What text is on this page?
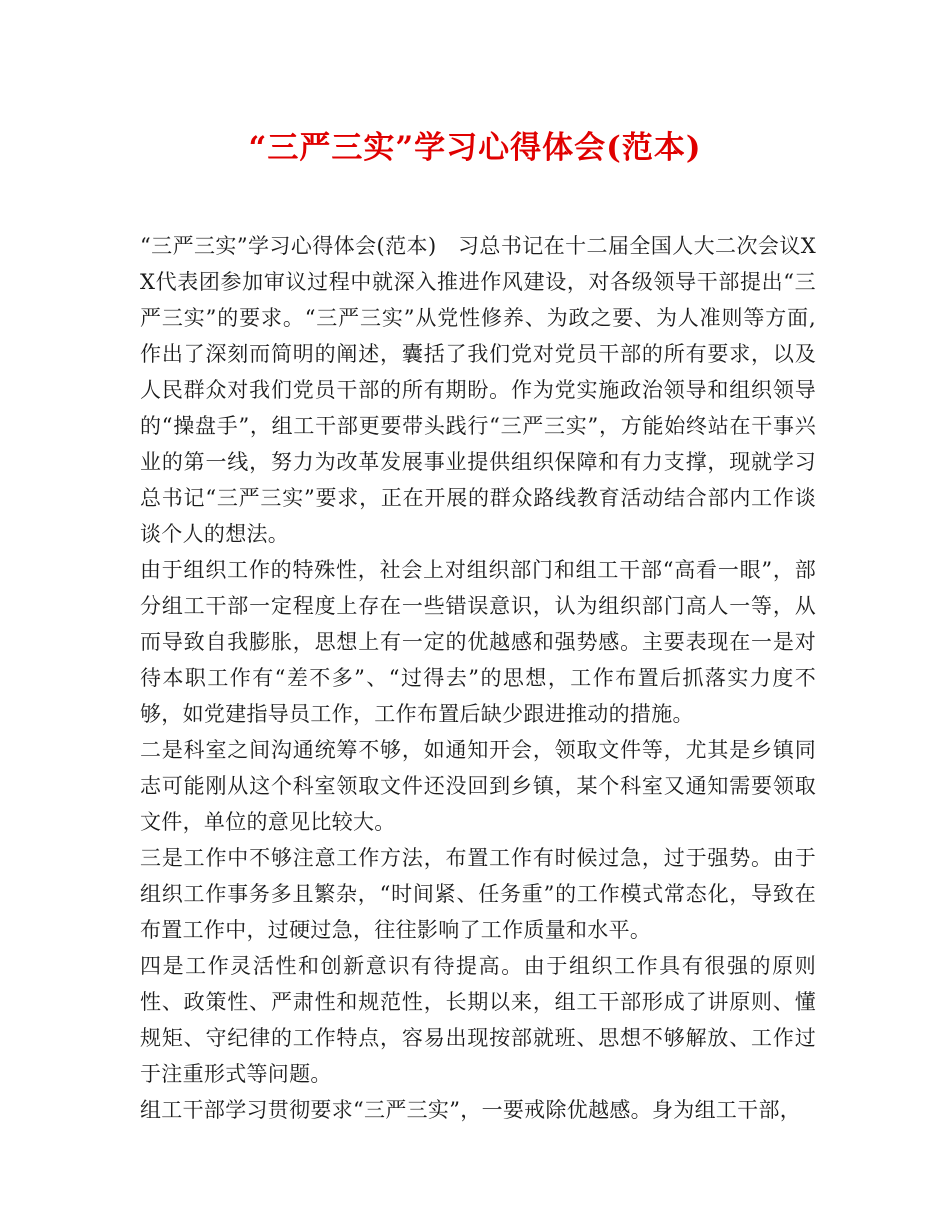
“三严三实”学习心得体会(范本)

“三严三实”学习心得体会(范本)　习总书记在十二届全国人大二次会议XX代表团参加审议过程中就深入推进作风建设，对各级领导干部提出“三严三实”的要求。“三严三实”从党性修养、为政之要、为人准则等方面,作出了深刻而简明的阐述，囊括了我们党对党员干部的所有要求，以及人民群众对我们党员干部的所有期盼。作为党实施政治领导和组织领导的“操盘手”，组工干部更要带头践行“三严三实”，方能始终站在干事兴业的第一线，努力为改革发展事业提供组织保障和有力支撑，现就学习总书记“三严三实”要求，正在开展的群众路线教育活动结合部内工作谈谈个人的想法。

由于组织工作的特殊性，社会上对组织部门和组工干部“高看一眼”，部分组工干部一定程度上存在一些错误意识，认为组织部门高人一等，从而导致自我膨胀，思想上有一定的优越感和强势感。主要表现在一是对待本职工作有“差不多”、“过得去”的思想，工作布置后抓落实力度不够，如党建指导员工作，工作布置后缺少跟进推动的措施。

二是科室之间沟通统筹不够，如通知开会，领取文件等，尤其是乡镇同志可能刚从这个科室领取文件还没回到乡镇，某个科室又通知需要领取文件，单位的意见比较大。

三是工作中不够注意工作方法，布置工作有时候过急，过于强势。由于组织工作事务多且繁杂，“时间紧、任务重”的工作模式常态化，导致在布置工作中，过硬过急，往往影响了工作质量和水平。

四是工作灵活性和创新意识有待提高。由于组织工作具有很强的原则性、政策性、严肃性和规范性，长期以来，组工干部形成了讲原则、懂规矩、守纪律的工作特点，容易出现按部就班、思想不够解放、工作过于注重形式等问题。

组工干部学习贯彻要求“三严三实”，一要戒除优越感。身为组工干部，
